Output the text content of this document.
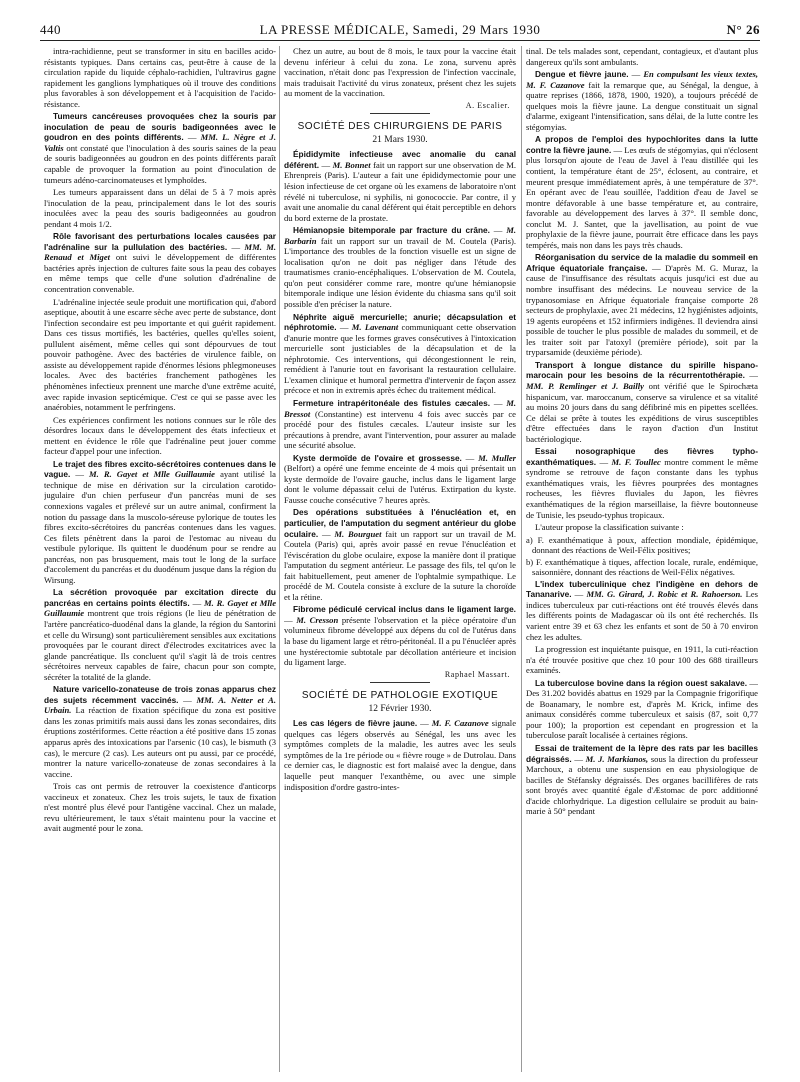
440	LA PRESSE MÉDICALE, Samedi, 29 Mars 1930	N° 26

intra-rachidienne, peut se transformer in situ en bacilles acido-résistants typiques. Dans certains cas, peut-être à cause de la circulation rapide du liquide céphalo-rachidien, l'ultravirus gagne rapidement les ganglions lymphatiques où il trouve des conditions plus favorables à son développement et à l'acquisition de l'acido-résistance.

Tumeurs cancéreuses provoquées chez la souris par inoculation de peau de souris badigeonnées avec le goudron en des points différents. — MM. L. Nègre et J. Valtis ont constaté que l'inoculation à des souris saines de la peau de souris badigeonnées au goudron en des points différents paraît capable de provoquer la formation au point d'inoculation de tumeurs adéno-carcinomateuses et lymphoïdes.

Les tumeurs apparaissent dans un délai de 5 à 7 mois après l'inoculation de la peau, principalement dans le lot des souris inoculées avec la peau des souris badigeonnées au goudron pendant 4 mois 1/2.

Rôle favorisant des perturbations locales causées par l'adrénaline sur la pullulation des bactéries. — MM. M. Renaud et Miget ont suivi le développement de différentes bactéries après injection de cultures faite sous la peau des cobayes en même temps que celle d'une solution d'adrénaline de concentration convenable.

L'adrénaline injectée seule produit une mortification qui, d'abord aseptique, aboutit à une escarre sèche avec perte de substance, dont l'infection secondaire est peu importante et qui guérit rapidement. Dans ces tissus mortifiés, les bactéries, quelles qu'elles soient, pullulent aisément, même celles qui sont dépourvues de tout pouvoir pathogène. Avec des bactéries de virulence faible, on assiste au développement rapide d'énormes lésions phlegmoneuses locales. Avec des bactéries franchement pathogènes les phénomènes infectieux prennent une marche d'une extrême acuité, avec rapide invasion septicémique. C'est ce qui se passe avec les anaérobies, notamment le perfringens.

Ces expériences confirment les notions connues sur le rôle des désordres locaux dans le développement des états infectieux et mettent en évidence le rôle que l'adrénaline peut jouer comme facteur d'appel pour une infection.

Le trajet des fibres excito-sécrétoires contenues dans le vague. — M. R. Gayet et Mlle Guillaumie ayant utilisé la technique de mise en dérivation sur la circulation carotido-jugulaire d'un chien perfuseur d'un pancréas muni de ses connexions vagales et prélevé sur un autre animal, confirment la notion du passage dans la muscolo-séreuse pylorique de toutes les fibres excito-sécrétoires du pancréas contenues dans les vagues. Ces filets pénètrent dans la paroi de l'estomac au niveau du vestibule pylorique. Ils quittent le duodénum pour se rendre au pancréas, non pas brusquement, mais tout le long de la surface d'accolement du pancréas et du duodénum jusque dans la région du Wirsung.

La sécrétion provoquée par excitation directe du pancréas en certains points électifs. — M. R. Gayet et Mlle Guillaumie montrent que trois régions (le lieu de pénétration de l'artère pancréatico-duodénal dans la glande, la région du Santorini et celle du Wirsung) sont particulièrement sensibles aux excitations provoquées par le courant direct d'électrodes excitatrices avec la glande pancréatique. Ils concluent qu'il s'agit là de trois centres sécrétoires nerveux capables de faire, chacun pour son compte, sécréter la totalité de la glande.

Nature varicello-zonateuse de trois zonas apparus chez des sujets récemment vaccinés. — MM. A. Netter et A. Urbain. La réaction de fixation spécifique du zona est positive dans les zonas primitifs mais aussi dans les zonas secondaires, dits éruptions zostériformes. Cette réaction a été positive dans 15 zonas apparus après des intoxications par l'arsenic (10 cas), le bismuth (3 cas), le mercure (2 cas). Les auteurs ont pu aussi, par ce procédé, montrer la nature varicello-zonateuse de zonas secondaires à la vaccine.

Trois cas ont permis de retrouver la coexistence d'anticorps vaccineux et zonateux. Chez les trois sujets, le taux de fixation n'est montré plus élevé pour l'antigène vaccinal. Chez un malade, revu ultérieurement, le taux s'était maintenu pour la vaccine et avait augmenté pour le zona.

Chez un autre, au bout de 8 mois, le taux pour la vaccine était devenu inférieur à celui du zona. Le zona, survenu après vaccination, n'était donc pas l'expression de l'infection vaccinale, mais traduisait l'activité du virus zonateux, présent chez les sujets au moment de la vaccination.

A. Escalier.

SOCIÉTÉ DES CHIRURGIENS DE PARIS
21 Mars 1930.

Épididymite infectieuse avec anomalie du canal déférent. — M. Bonnet fait un rapport sur une observation de M. Ehrenpreis (Paris). L'auteur a fait une épididymectomie pour une lésion infectieuse de cet organe où les examens de laboratoire n'ont révélé ni tuberculose, ni syphilis, ni gonococcie. Par contre, il y avait une anomalie du canal déférent qui était perceptible en dehors du bord externe de la prostate.

Hémianopsie bitemporale par fracture du crâne. — M. Barbarin fait un rapport sur un travail de M. Coutela (Paris). L'importance des troubles de la fonction visuelle est un signe de localisation qu'on ne doit pas négliger dans l'étude des traumatismes cranio-encéphaliques. L'observation de M. Coutela, qu'on peut considérer comme rare, montre qu'une hémianopsie bitemporale indique une lésion évidente du chiasma sans qu'il soit possible d'en préciser la nature.

Néphrite aiguë mercurielle; anurie; décapsulation et néphrotomie. — M. Lavenant communiquant cette observation d'anurie montre que les formes graves consécutives à l'intoxication mercurielle sont justiciables de la décapsulation et de la néphrotomie. Ces interventions, qui décongestionnent le rein, remédient à l'anurie tout en favorisant la restauration cellulaire. L'examen clinique et humoral permettra d'intervenir de façon assez précoce et non in extremis après échec du traitement médical.

Fermeture intrapéritonéale des fistules cæcales. — M. Bressot (Constantine) est intervenu 4 fois avec succès par ce procédé pour des fistules cæcales. L'auteur insiste sur les précautions à prendre, avant l'intervention, pour assurer au malade une sécurité absolue.

Kyste dermoïde de l'ovaire et grossesse. — M. Muller (Belfort) a opéré une femme enceinte de 4 mois qui présentait un kyste dermoïde de l'ovaire gauche, inclus dans le ligament large dont le volume dépassait celui de l'utérus. Extirpation du kyste. Fausse couche consécutive 7 heures après.

Des opérations substituées à l'énucléation et, en particulier, de l'amputation du segment antérieur du globe oculaire. — M. Bourguet fait un rapport sur un travail de M. Coutela (Paris) qui, après avoir passé en revue l'énucléation et l'éviscération du globe oculaire, expose la manière dont il pratique l'amputation du segment antérieur. Le passage des fils, tel qu'on le fait habituellement, peut amener de l'ophtalmie sympathique. Le procédé de M. Coutela consiste à exclure de la suture la choroïde et la rétine.

Fibrome pédiculé cervical inclus dans le ligament large. — M. Cresson présente l'observation et la pièce opératoire d'un volumineux fibrome développé aux dépens du col de l'utérus dans la base du ligament large et rétro-péritonéal. Il a pu l'énucléer après une hystérectomie subtotale par décollation antérieure et incision du ligament large.

Raphael Massart.

SOCIÉTÉ DE PATHOLOGIE EXOTIQUE
12 Février 1930.

Les cas légers de fièvre jaune. — M. F. Cazanove signale quelques cas légers observés au Sénégal, les uns avec les symptômes complets de la maladie, les autres avec les seuls symptômes de la 1re période ou « fièvre rouge » de Dutrolau. Dans ce dernier cas, le diagnostic est fort malaisé avec la dengue, dans laquelle peut manquer l'exanthème, ou avec une simple indisposition d'ordre gastro-intes-

tinal. De tels malades sont, cependant, contagieux, et d'autant plus dangereux qu'ils sont ambulants.

Dengue et fièvre jaune. — En compulsant les vieux textes, M. F. Cazanove fait la remarque que, au Sénégal, la dengue, à quatre reprises (1866, 1878, 1900, 1920), a toujours précédé de quelques mois la fièvre jaune. La dengue constituait un signal d'alarme, exigeant l'intensification, sans délai, de la lutte contre les stégomyias.

A propos de l'emploi des hypochlorites dans la lutte contre la fièvre jaune. — Les œufs de stégomyias, qui n'éclosent plus lorsqu'on ajoute de l'eau de Javel à l'eau distillée qui les contient, la température étant de 25°, éclosent, au contraire, et meurent presque immédiatement après, à une température de 37°. En opérant avec de l'eau souillée, l'addition d'eau de Javel se montre défavorable à une basse température et, au contraire, favorable au développement des larves à 37°. Il semble donc, conclut M. J. Santet, que la javellisation, au point de vue prophylaxie de la fièvre jaune, pourrait être efficace dans les pays tempérés, mais non dans les pays très chauds.

Réorganisation du service de la maladie du sommeil en Afrique équatoriale française. — D'après M. G. Muraz, la cause de l'insuffisance des résultats acquis jusqu'ici est due au nombre insuffisant des médecins. Le nouveau service de la trypanosomiase en Afrique équatoriale française comporte 28 secteurs de prophylaxie, avec 21 médecins, 12 hygiénistes adjoints, 19 agents européens et 152 infirmiers indigènes. Il deviendra ainsi possible de toucher le plus possible de malades du sommeil, et de les traiter soit par l'atoxyl (première période), soit par la tryparsamide (deuxième période).

Transport à longue distance du spirille hispano-marocain pour les besoins de la récurrentothérapie. — MM. P. Remlinger et J. Bailly ont vérifié que le Spirochæta hispanicum, var. maroccanum, conserve sa virulence et sa vitalité au moins 20 jours dans du sang défibriné mis en pipettes scellées. Ce délai se prête à toutes les expéditions de virus susceptibles d'être effectuées dans le rayon d'action d'un Institut bactériologique.

Essai nosographique des fièvres typho-exanthématiques. — M. F. Toullec montre comment le même syndrome se retrouve de façon constante dans les typhus exanthématiques vrais, les fièvres pourprées des montagnes rocheuses, les fièvres fluviales du Japon, les fièvres exanthématiques de la région marseillaise, la fièvre boutonneuse de Tunisie, les pseudo-typhus tropicaux.

L'auteur propose la classification suivante :

a) F. exanthématique à poux, affection mondiale, épidémique, donnant des réactions de Weil-Félix positives;

b) F. exanthématique à tiques, affection locale, rurale, endémique, saisonnière, donnant des réactions de Weil-Félix négatives.

L'index tuberculinique chez l'indigène en dehors de Tananarive. — MM. G. Girard, J. Robic et R. Rahoerson. Les indices tuberculeux par cuti-réactions ont été trouvés élevés dans les différents points de Madagascar où ils ont été recherchés. Ils varient entre 39 et 63 chez les enfants et sont de 50 à 70 environ chez les adultes.

La progression est inquiétante puisque, en 1911, la cuti-réaction n'a été trouvée positive que chez 10 pour 100 des 688 tirailleurs examinés.

La tuberculose bovine dans la région ouest sakalave. — Des 31.202 bovidés abattus en 1929 par la Compagnie frigorifique de Boanamary, le nombre est, d'après M. Krick, infime des animaux considérés comme tuberculeux et saisis (87, soit 0,77 pour 100); la proportion est cependant en progression et la tuberculose paraît localisée à certaines régions.

Essai de traitement de la lèpre des rats par les bacilles dégraissés. — M. J. Markianos, sous la direction du professeur Marchoux, a obtenu une suspension en eau physiologique de bacilles de Stéfansky dégraissés. Des organes bacillifères de rats sont broyés avec quantité égale d'Æstomac de porc additionné d'acide chlorhydrique. La digestion cellulaire se produit au bain-marie à 50° pendant
